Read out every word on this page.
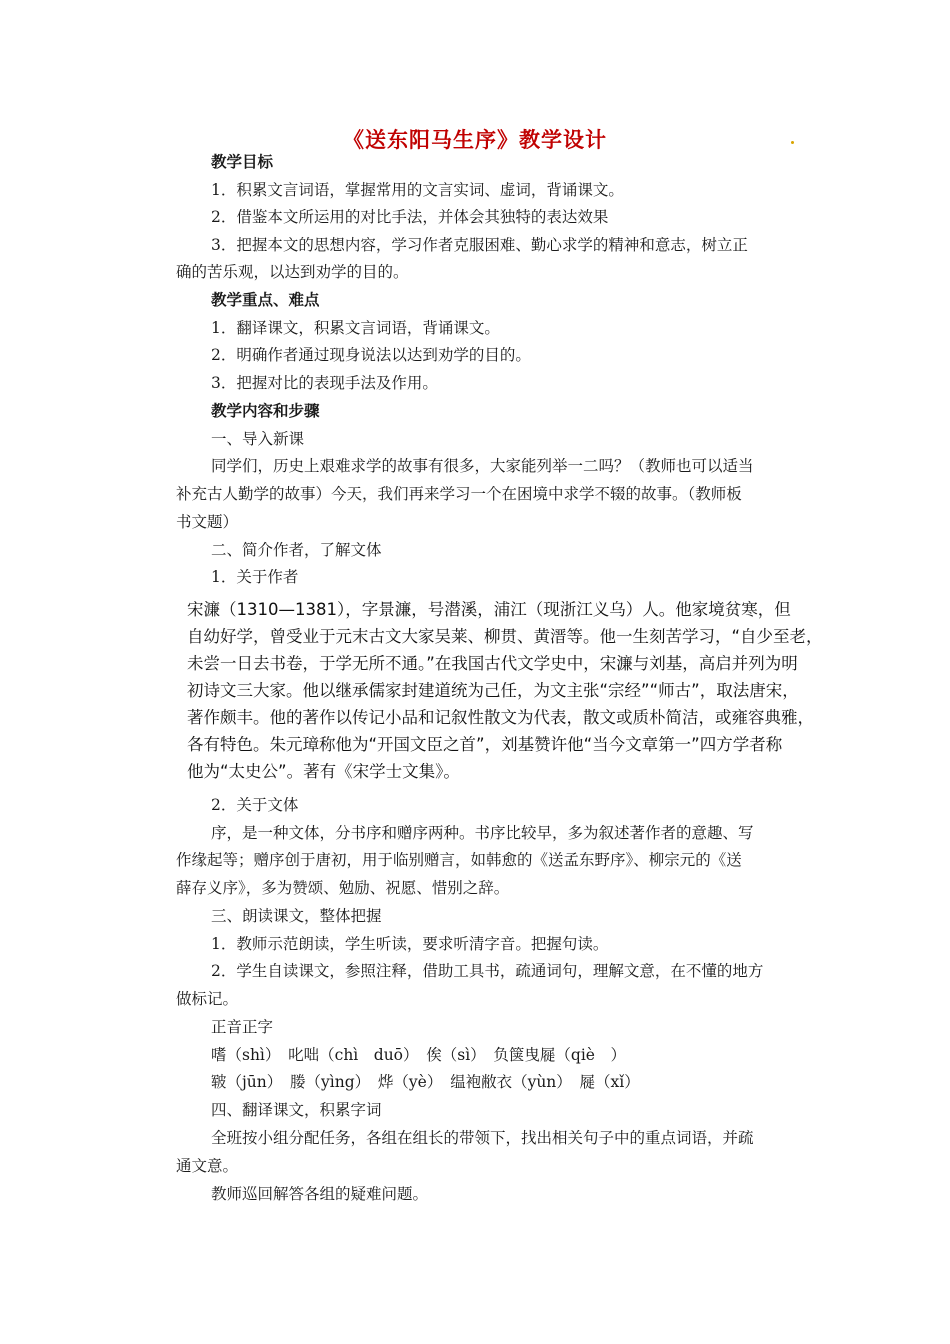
《送东阳马生序》教学设计
教学目标
1．积累文言词语，掌握常用的文言实词、虚词，背诵课文。
2．借鉴本文所运用的对比手法，并体会其独特的表达效果
3．把握本文的思想内容，学习作者克服困难、勤心求学的精神和意志，树立正
确的苦乐观，以达到劝学的目的。
教学重点、难点
1．翻译课文，积累文言词语，背诵课文。
2．明确作者通过现身说法以达到劝学的目的。
3．把握对比的表现手法及作用。
教学内容和步骤
一、导入新课
同学们，历史上艰难求学的故事有很多，大家能列举一二吗？（教师也可以适当
补充古人勤学的故事）今天，我们再来学习一个在困境中求学不辍的故事。（教师板
书文题）
二、简介作者，了解文体
1．关于作者
宋濂（1310—1381），字景濂，号潜溪，浦江（现浙江义乌）人。他家境贫寒，但
自幼好学，曾受业于元末古文大家吴莱、柳贯、黄溍等。他一生刻苦学习，“自少至老，
未尝一日去书卷，于学无所不通。”在我国古代文学史中，宋濂与刘基，高启并列为明
初诗文三大家。他以继承儒家封建道统为己任，为文主张“宗经”“师古”，取法唐宋，
著作颇丰。他的著作以传记小品和记叙性散文为代表，散文或质朴简洁，或雍容典雅，
各有特色。朱元璋称他为“开国文臣之首”，刘基赞许他“当今文章第一”四方学者称
他为“太史公”。著有《宋学士文集》。
2．关于文体
序，是一种文体，分书序和赠序两种。书序比较早，多为叙述著作者的意趣、写
作缘起等；赠序创于唐初，用于临别赠言，如韩愈的《送孟东野序》、柳宗元的《送
薛存义序》，多为赞颂、勉励、祝愿、惜别之辞。
三、朗读课文，整体把握
1．教师示范朗读，学生听读，要求听清字音。把握句读。
2．学生自读课文，参照注释，借助工具书，疏通词句，理解文意，在不懂的地方
做标记。
正音正字
嗜（shì）　叱咄（chì　duō）　俟（sì）　负箧曳屣（qiè　）
皲（jūn）　媵（yìng）　烨（yè）　缊袍敝衣（yùn）　屣（xǐ）
四、翻译课文，积累字词
全班按小组分配任务，各组在组长的带领下，找出相关句子中的重点词语，并疏
通文意。
教师巡回解答各组的疑难问题。
